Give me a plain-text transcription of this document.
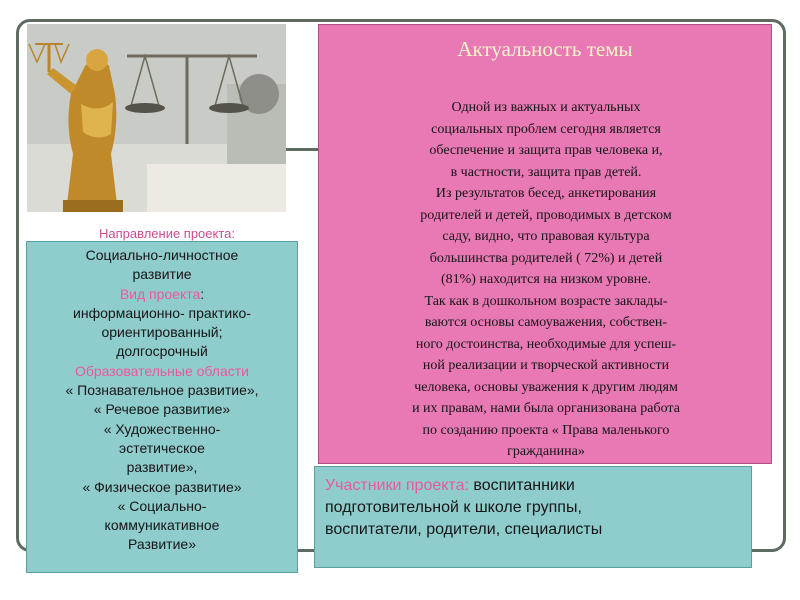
Актуальность темы

Одной из важных и актуальных

социальных проблем сегодня является

обеспечение и защита прав человека и,

в частности, защита прав детей.

Из результатов бесед, анкетирования

родителей и детей, проводимых в детском

саду, видно, что правовая культура

большинства родителей ( 72%) и детей

(81%) находится на низком уровне.

Так как в дошкольном возрасте заклады-

ваются основы самоуважения, собствен-

ного достоинства, необходимые для успеш-

ной реализации и творческой активности

человека, основы уважения к другим людям

и их правам, нами была организована работа

по созданию проекта « Права маленького

гражданина»

Направление проекта:
Социально-личностное
развитие
Вид проекта:
информационно- практико-
ориентированный;
долгосрочный
Образовательные области
« Познавательное развитие»,
« Речевое развитие»
« Художественно-
эстетическое
развитие»,
« Физическое развитие»
« Социально-
коммуникативное
Развитие»
Участники проекта: воспитанники
подготовительной к школе группы,
воспитатели, родители, специалисты
